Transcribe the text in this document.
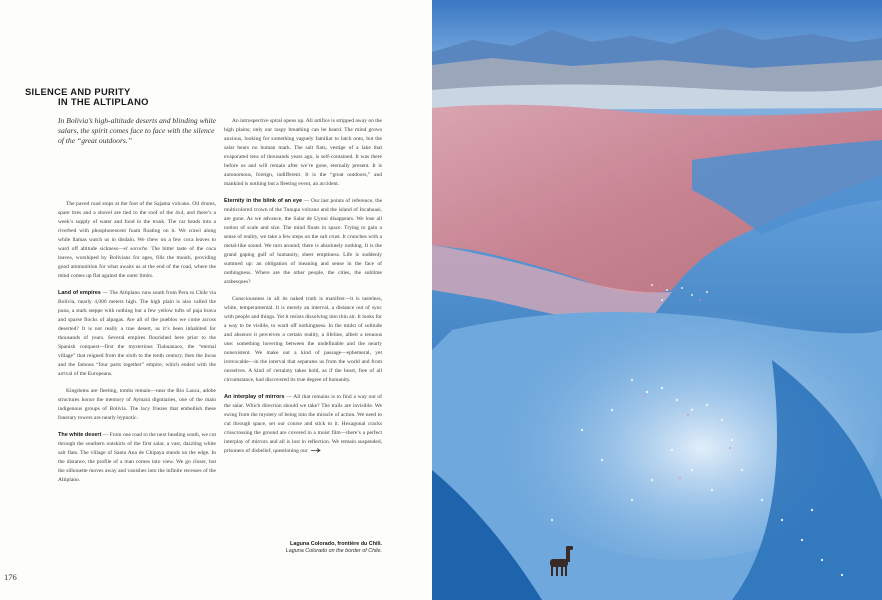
SILENCE AND PURITY
IN THE ALTIPLANO
In Bolivia’s high-altitude deserts and blinding white salars, the spirit comes face to face with the silence of the “great outdoors.”

The paved road stops at the foot of the Sajama volcano. Oil drums, spare tires and a shovel are tied to the roof of the 4x4, and there’s a week’s supply of water and food in the trunk. The car heads into a riverbed with phosphorescent foam floating on it. We crawl along while llamas watch us in disdain. We chew on a few coca leaves to ward off altitude sickness—el soroche. The bitter taste of the coca leaves, worshiped by Bolivians for ages, fills the mouth, providing good ammunition for what awaits us at the end of the road, where the mind comes up flat against the outer limits.

Land of empires — The Altiplano runs south from Peru to Chile via Bolivia, nearly 4,000 meters high. The high plain is also called the puna, a stark steppe with nothing but a few yellow tufts of paja brava and sparse flocks of alpagas. Are all of the pueblos we come across deserted? It is not really a true desert, as it’s been inhabited for thousands of years. Several empires flourished here prior to the Spanish conquest—first the mysterious Tiahuanaco, the “eternal village” that reigned from the sixth to the tenth century, then the Incas and the famous “four parts together” empire, which ended with the arrival of the Europeans.

Kingdoms are fleeting, tombs remain—near the Rio Lauca, adobe structures honor the memory of Aymará dignitaries, one of the main indigenous groups of Bolivia. The lacy friezes that embellish these funerary towers are nearly hypnotic.

The white desert — From one road to the next heading south, we cut through the southern outskirts of the first salar, a vast, dazzling white salt flats. The village of Santa Ana de Chipaya stands on the edge. In the distance, the profile of a man comes into view. We go closer, but the silhouette moves away and vanishes into the infinite recesses of the Altiplano.

An introspective spiral opens up. All artifice is stripped away on the high plains; only our raspy breathing can be heard. The mind grows anxious, looking for something vaguely familiar to latch onto, but the salar bears no human mark. The salt flats, vestige of a lake that evaporated tens of thousands years ago, is self-contained. It was there before us and will remain after we’re gone, eternally present. It is autonomous, foreign, indifferent. It is the “great outdoors,” and mankind is nothing but a fleeting event, an accident.

Eternity in the blink of an eye — Our last points of reference, the multicolored crown of the Tunupa volcano and the island of Incahuasi, are gone. As we advance, the Salar de Uyuni disappears. We lose all notion of scale and size. The mind floats in space. Trying to gain a sense of reality, we take a few steps on the salt crust. It crunches with a metal-like sound. We turn around; there is absolutely nothing. It is the grand gaping gulf of humanity, sheer emptiness. Life is suddenly summed up: an obligation of meaning and sense in the face of nothingness. Where are the other people, the cities, the sublime arabesques?

Consciousness in all its naked truth is manifest—it is tasteless, white, temperamental. It is merely an interval, a distance out of sync with people and things. Yet it resists dissolving into thin air. It looks for a way to be visible, to ward off nothingness. In the midst of solitude and absence it perceives a certain reality, a lifeline, albeit a tenuous one: something hovering between the undefinable and the nearly nonexistent. We make out a kind of passage—ephemeral, yet irrevocable—in the interval that separates us from the world and from ourselves. A kind of certainty takes hold, as if the heart, free of all circumstance, had discovered its true degree of humanity.

An interplay of mirrors — All that remains is to find a way out of the salar. Which direction should we take? The trails are invisible. We swing from the mystery of being into the miracle of action. We need to cut through space, set our course and stick to it. Hexagonal cracks crisscrossing the ground are covered in a moist film—there’s a perfect interplay of mirrors and all is lost in reflection. We remain suspended, prisoners of disbelief, questioning our

Laguna Colorado, frontière du Chili.
Laguna Colorado on the border of Chile.
176
